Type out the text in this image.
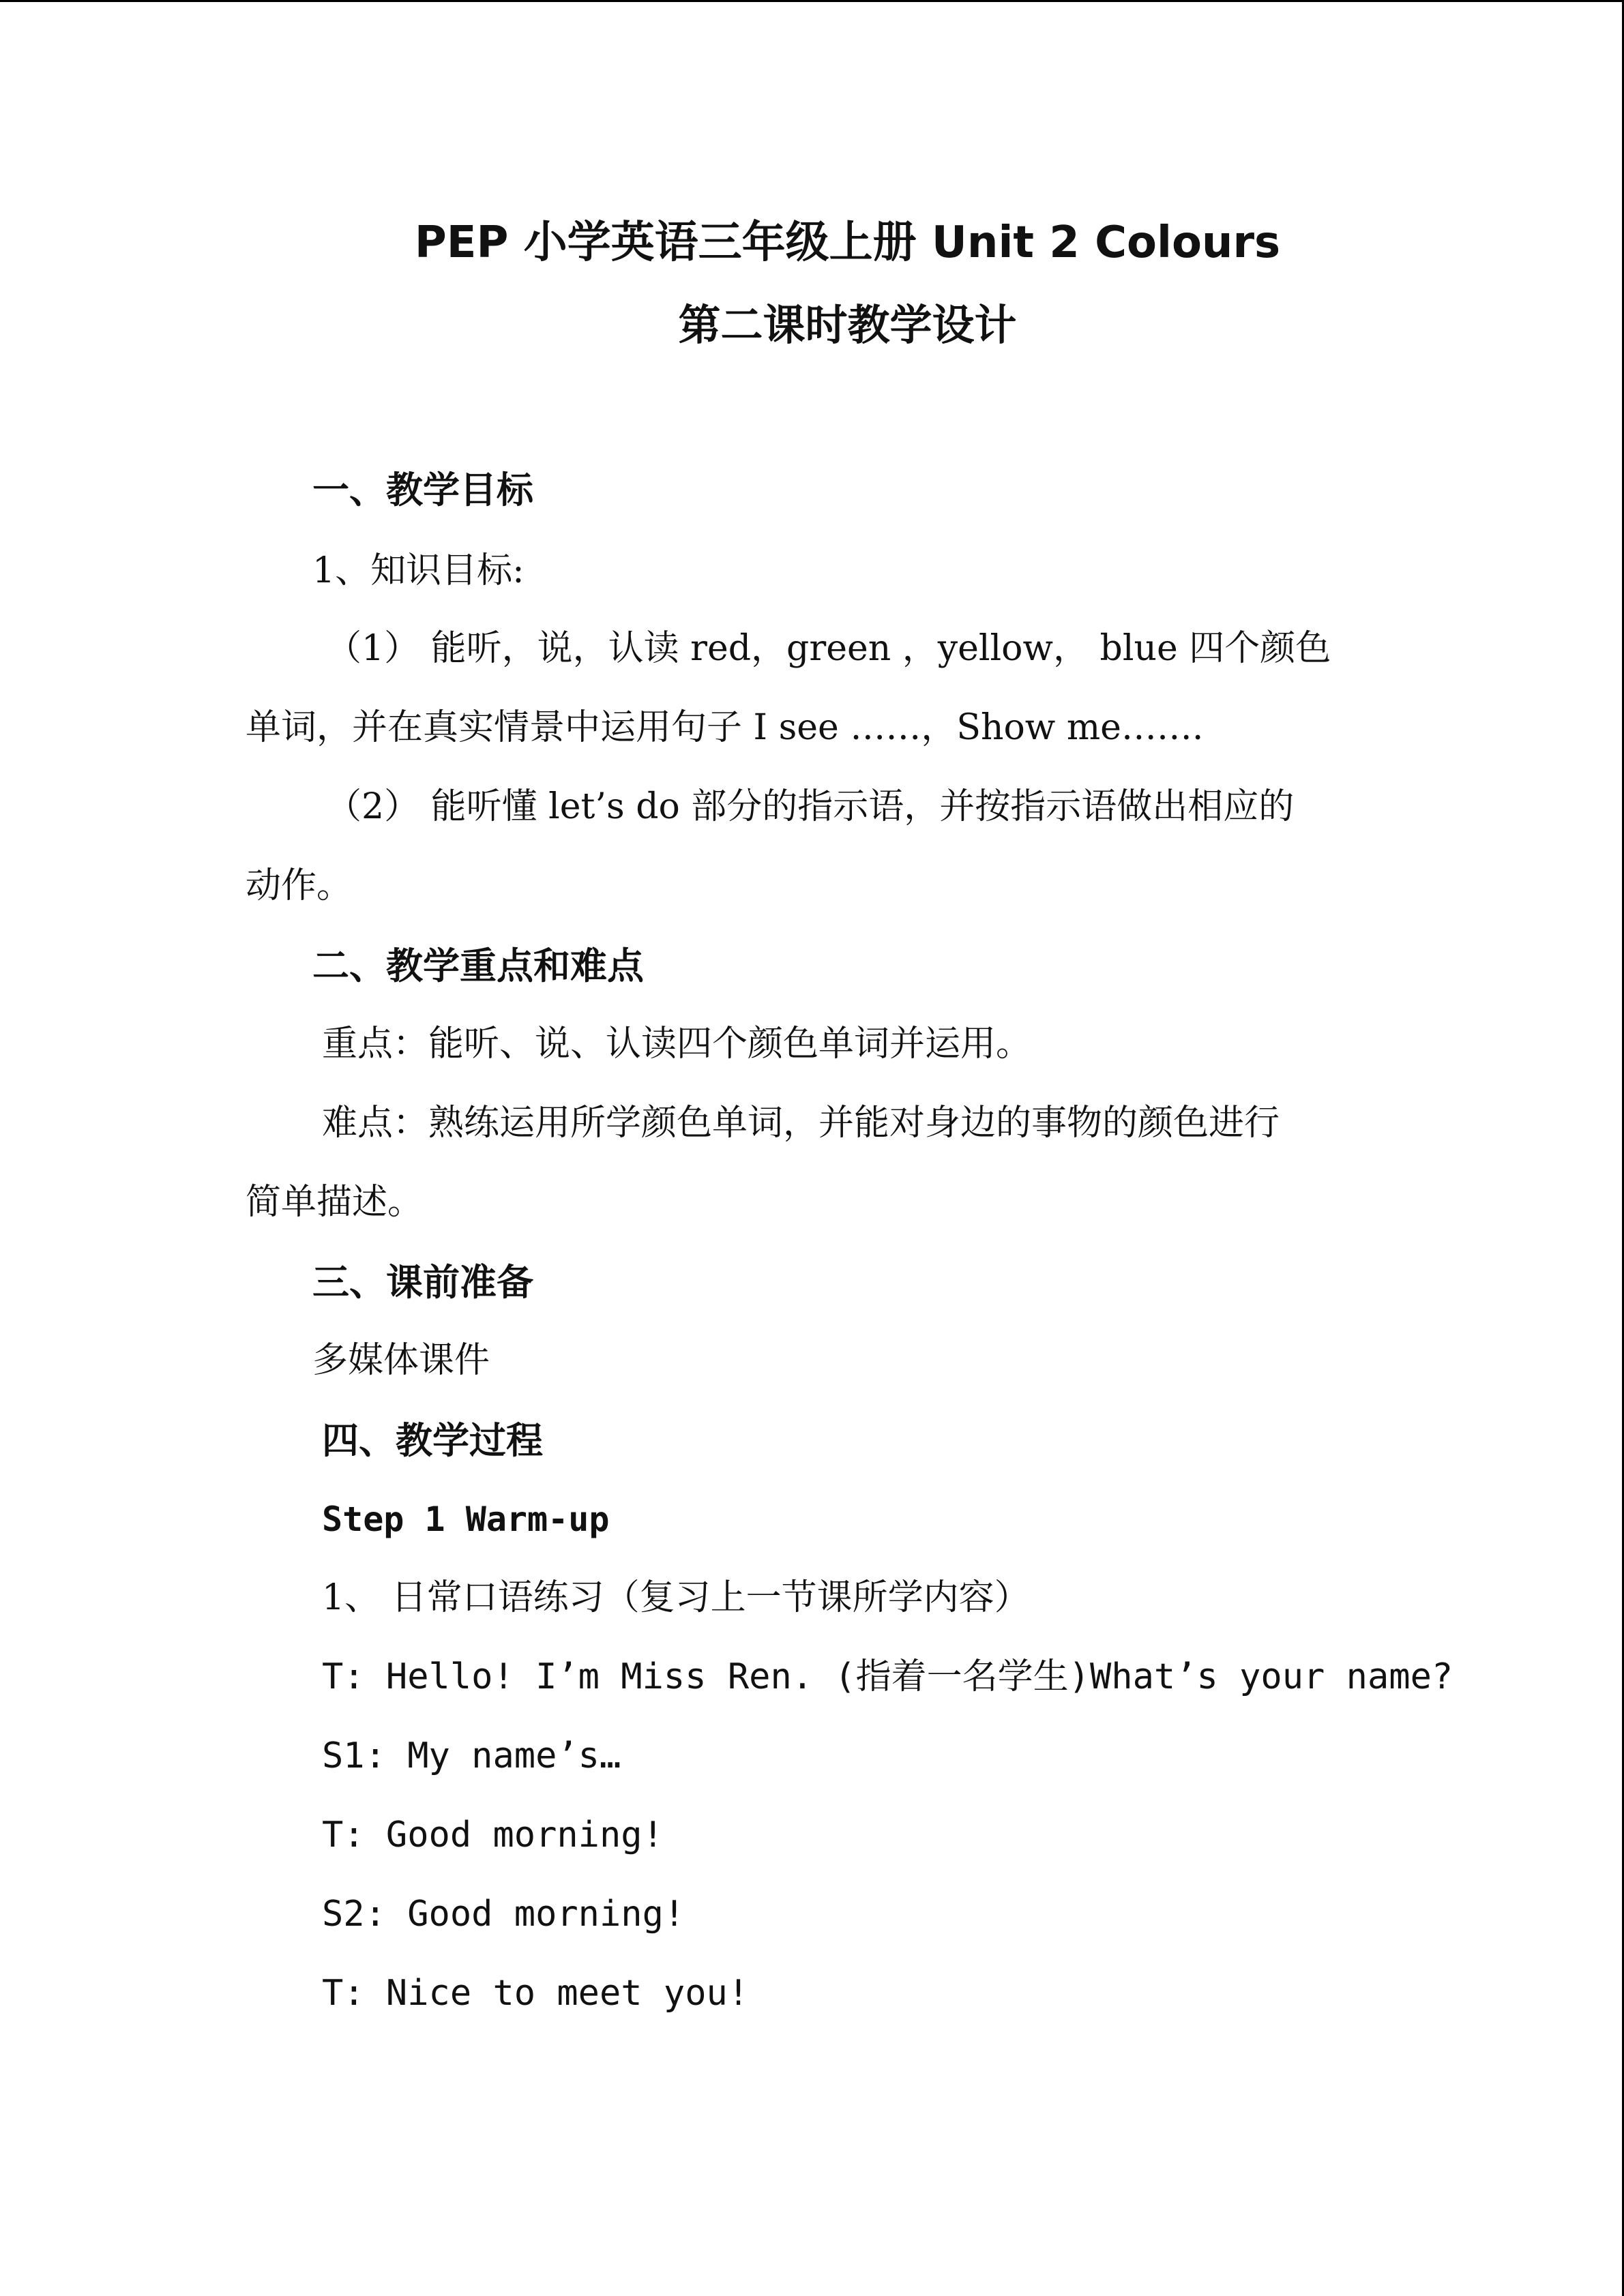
PEP 小学英语三年级上册 Unit 2 Colours
第二课时教学设计
一、教学目标
1、知识目标:
（1） 能听，说，认读 red，green ，yellow， blue 四个颜色
单词，并在真实情景中运用句子 I see ……，Show me…….
（2） 能听懂 let’s do 部分的指示语，并按指示语做出相应的
动作。
二、教学重点和难点
重点：能听、说、认读四个颜色单词并运用。
难点：熟练运用所学颜色单词，并能对身边的事物的颜色进行
简单描述。
三、课前准备
多媒体课件
四、教学过程
Step 1 Warm-up
1、 日常口语练习（复习上一节课所学内容）
T: Hello! I’m Miss Ren. (指着一名学生)What’s your name?
S1: My name’s…
T: Good morning!
S2: Good morning!
T: Nice to meet you!
